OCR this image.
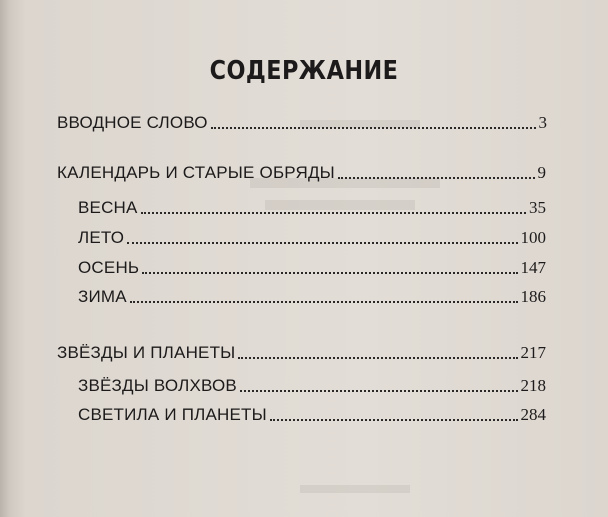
СОДЕРЖАНИЕ
ВВОДНОЕ СЛОВО	3
КАЛЕНДАРЬ И СТАРЫЕ ОБРЯДЫ	9
ВЕСНА	35
ЛЕТО	100
ОСЕНЬ	147
ЗИМА	186
ЗВЁЗДЫ И ПЛАНЕТЫ	217
ЗВЁЗДЫ ВОЛХВОВ	218
СВЕТИЛА И ПЛАНЕТЫ	284
